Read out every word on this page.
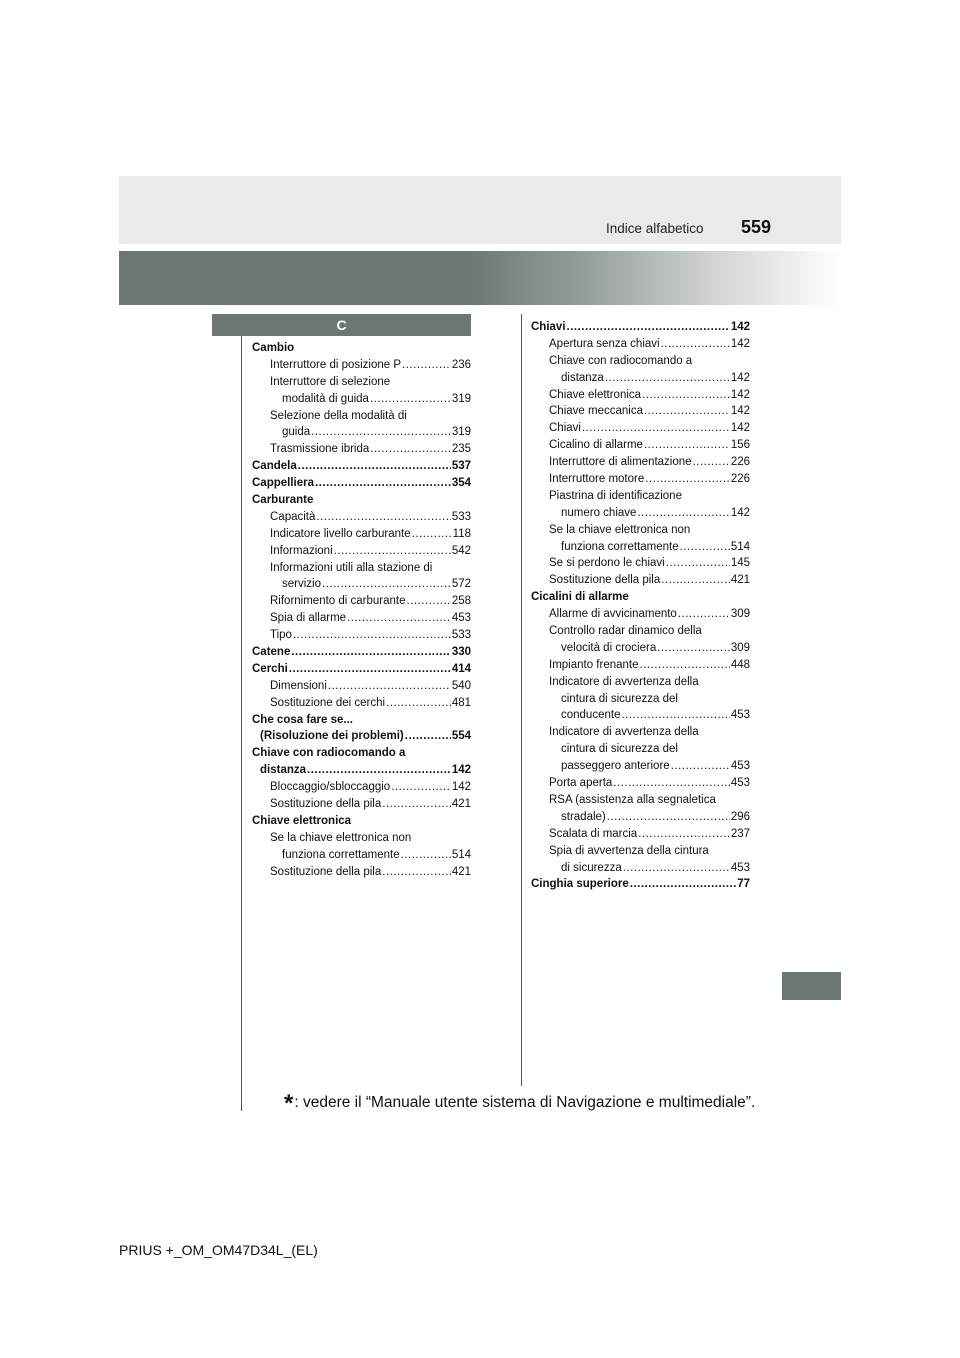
559
Indice alfabetico
C
Cambio
Interruttore di posizione P .....	236
Interruttore di selezione
modalità di guida .....	319
Selezione della modalità di
guida .....	319
Trasmissione ibrida .....	235
Candela .....	537
Cappelliera .....	354
Carburante
Capacità .....	533
Indicatore livello carburante .....	118
Informazioni .....	542
Informazioni utili alla stazione di
servizio .....	572
Rifornimento di carburante .....	258
Spia di allarme .....	453
Tipo .....	533
Catene .....	330
Cerchi .....	414
Dimensioni .....	540
Sostituzione dei cerchi .....	481
Che cosa fare se...
(Risoluzione dei problemi) .....	554
Chiave con radiocomando a
distanza .....	142
Bloccaggio/sbloccaggio .....	142
Sostituzione della pila .....	421
Chiave elettronica
Se la chiave elettronica non
funziona correttamente .....	514
Sostituzione della pila .....	421
Chiavi .....	142
Apertura senza chiavi .....	142
Chiave con radiocomando a
distanza .....	142
Chiave elettronica .....	142
Chiave meccanica .....	142
Chiavi .....	142
Cicalino di allarme .....	156
Interruttore di alimentazione .....	226
Interruttore motore .....	226
Piastrina di identificazione
numero chiave .....	142
Se la chiave elettronica non
funziona correttamente .....	514
Se si perdono le chiavi .....	145
Sostituzione della pila .....	421
Cicalini di allarme
Allarme di avvicinamento .....	309
Controllo radar dinamico della
velocità di crociera .....	309
Impianto frenante .....	448
Indicatore di avvertenza della
cintura di sicurezza del
conducente .....	453
Indicatore di avvertenza della
cintura di sicurezza del
passeggero anteriore .....	453
Porta aperta .....	453
RSA (assistenza alla segnaletica
stradale) .....	296
Scalata di marcia .....	237
Spia di avvertenza della cintura
di sicurezza .....	453
Cinghia superiore .....	77
*: vedere il “Manuale utente sistema di Navigazione e multimediale”.
PRIUS +_OM_OM47D34L_(EL)
